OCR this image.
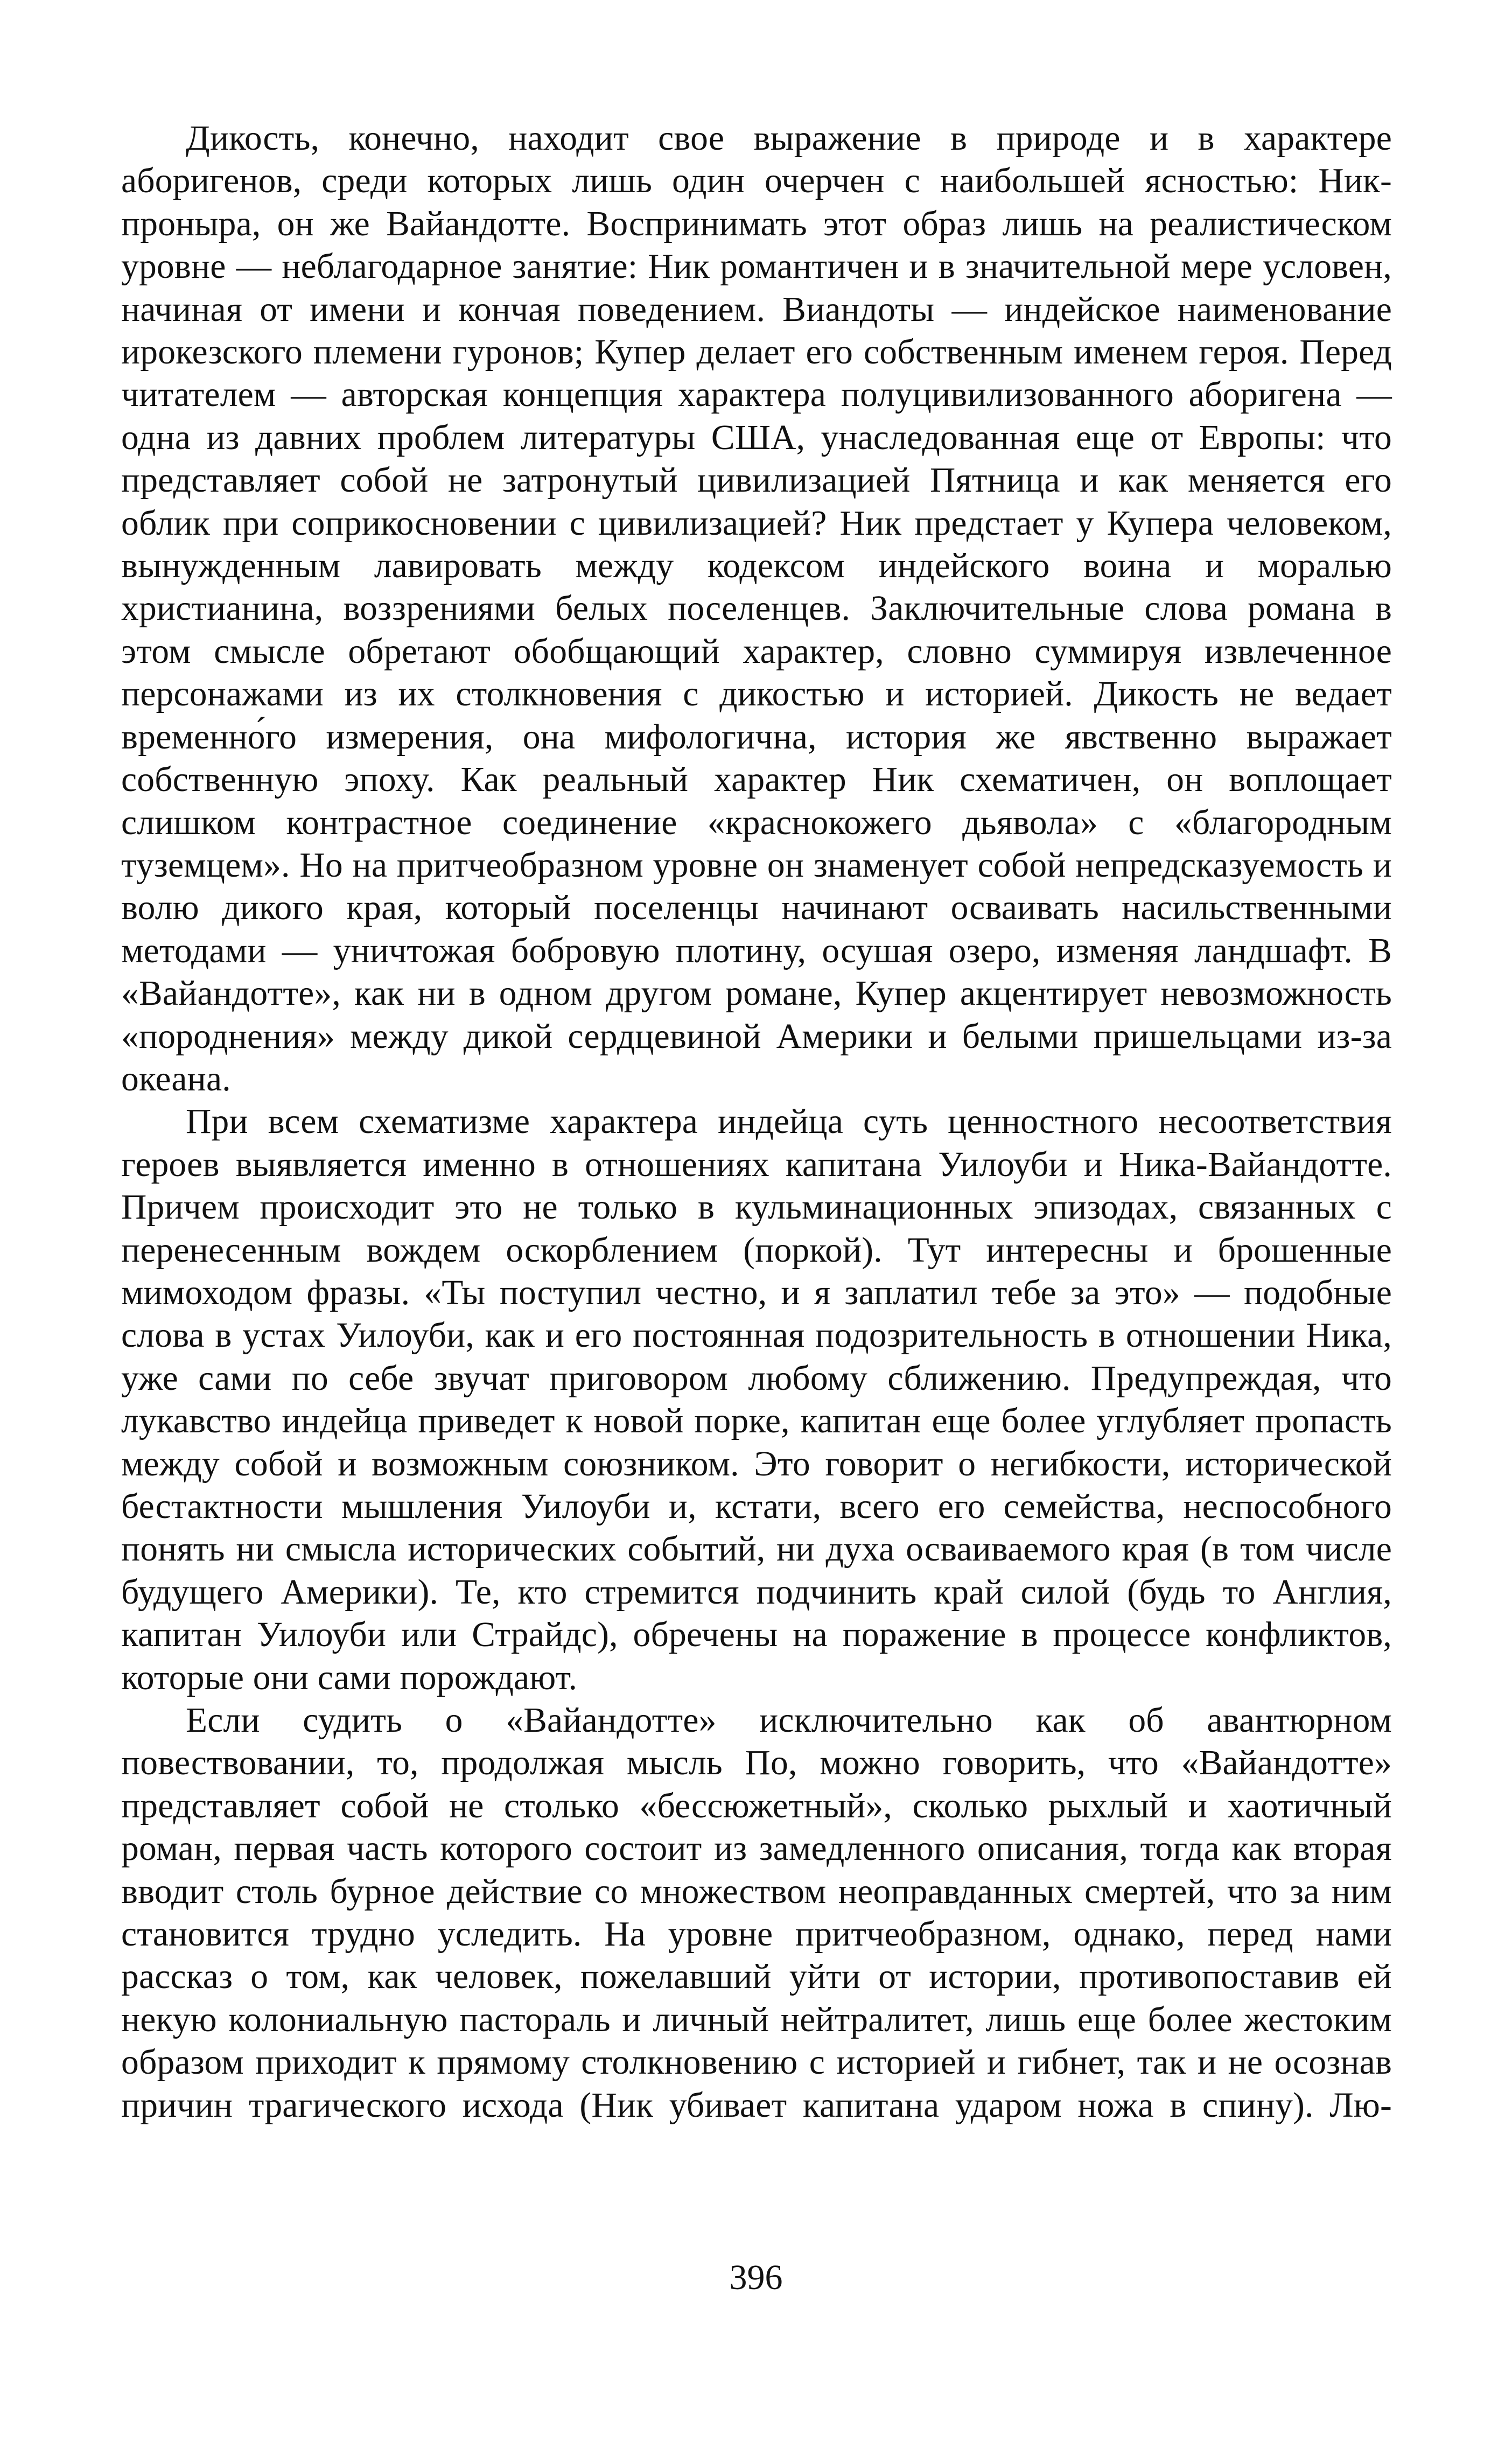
Дикость, конечно, находит свое выражение в природе и в характере аборигенов, среди которых лишь один очерчен с наибольшей ясностью: Ник-проныра, он же Вайандотте. Воспринимать этот образ лишь на реалистическом уровне — неблагодарное занятие: Ник романтичен и в значительной мере условен, начиная от имени и кончая поведением. Виандоты — индейское наименование ирокезского племени гуронов; Купер делает его собственным именем героя. Перед читателем — авторская концепция характера полуцивилизованного аборигена — одна из давних проблем литературы США, унаследованная еще от Европы: что представляет собой не затронутый цивилизацией Пятница и как меняется его облик при соприкосновении с цивилизацией? Ник предстает у Купера человеком, вынужденным лавировать между кодексом индейского воина и моралью христианина, воззрениями белых поселенцев. Заключительные слова романа в этом смысле обретают обобщающий характер, словно суммируя извлеченное персонажами из их столкновения с дикостью и историей. Дикость не ведает временно́го измерения, она мифологична, история же явственно выражает собственную эпоху. Как реальный характер Ник схематичен, он воплощает слишком контрастное соединение «краснокожего дьявола» с «благородным туземцем». Но на притчеобразном уровне он знаменует собой непредсказуемость и волю дикого края, который поселенцы начинают осваивать насильственными методами — уничтожая бобровую плотину, осушая озеро, изменяя ландшафт. В «Вайандотте», как ни в одном другом романе, Купер акцентирует невозможность «породнения» между дикой сердцевиной Америки и белыми пришельцами из-за океана.

При всем схематизме характера индейца суть ценностного несоответствия героев выявляется именно в отношениях капитана Уилоуби и Ника-Вайандотте. Причем происходит это не только в кульминационных эпизодах, связанных с перенесенным вождем оскорблением (поркой). Тут интересны и брошенные мимоходом фразы. «Ты поступил честно, и я заплатил тебе за это» — подобные слова в устах Уилоуби, как и его постоянная подозрительность в отношении Ника, уже сами по себе звучат приговором любому сближению. Предупреждая, что лукавство индейца приведет к новой порке, капитан еще более углубляет пропасть между собой и возможным союзником. Это говорит о негибкости, исторической бестактности мышления Уилоуби и, кстати, всего его семейства, неспособного понять ни смысла исторических событий, ни духа осваиваемого края (в том числе будущего Америки). Те, кто стремится подчинить край силой (будь то Англия, капитан Уилоуби или Страйдс), обречены на поражение в процессе конфликтов, которые они сами порождают.

Если судить о «Вайандотте» исключительно как об авантюрном повествовании, то, продолжая мысль По, можно говорить, что «Вайандотте» представляет собой не столько «бессюжетный», сколько рыхлый и хаотичный роман, первая часть которого состоит из замедленного описания, тогда как вторая вводит столь бурное действие со множеством неоправданных смертей, что за ним становится трудно уследить. На уровне притчеобразном, однако, перед нами рассказ о том, как человек, пожелавший уйти от истории, противопоставив ей некую колониальную пастораль и личный нейтралитет, лишь еще более жестоким образом приходит к прямому столкновению с историей и гибнет, так и не осознав причин трагического исхода (Ник убивает капитана ударом ножа в спину). Лю-

396
